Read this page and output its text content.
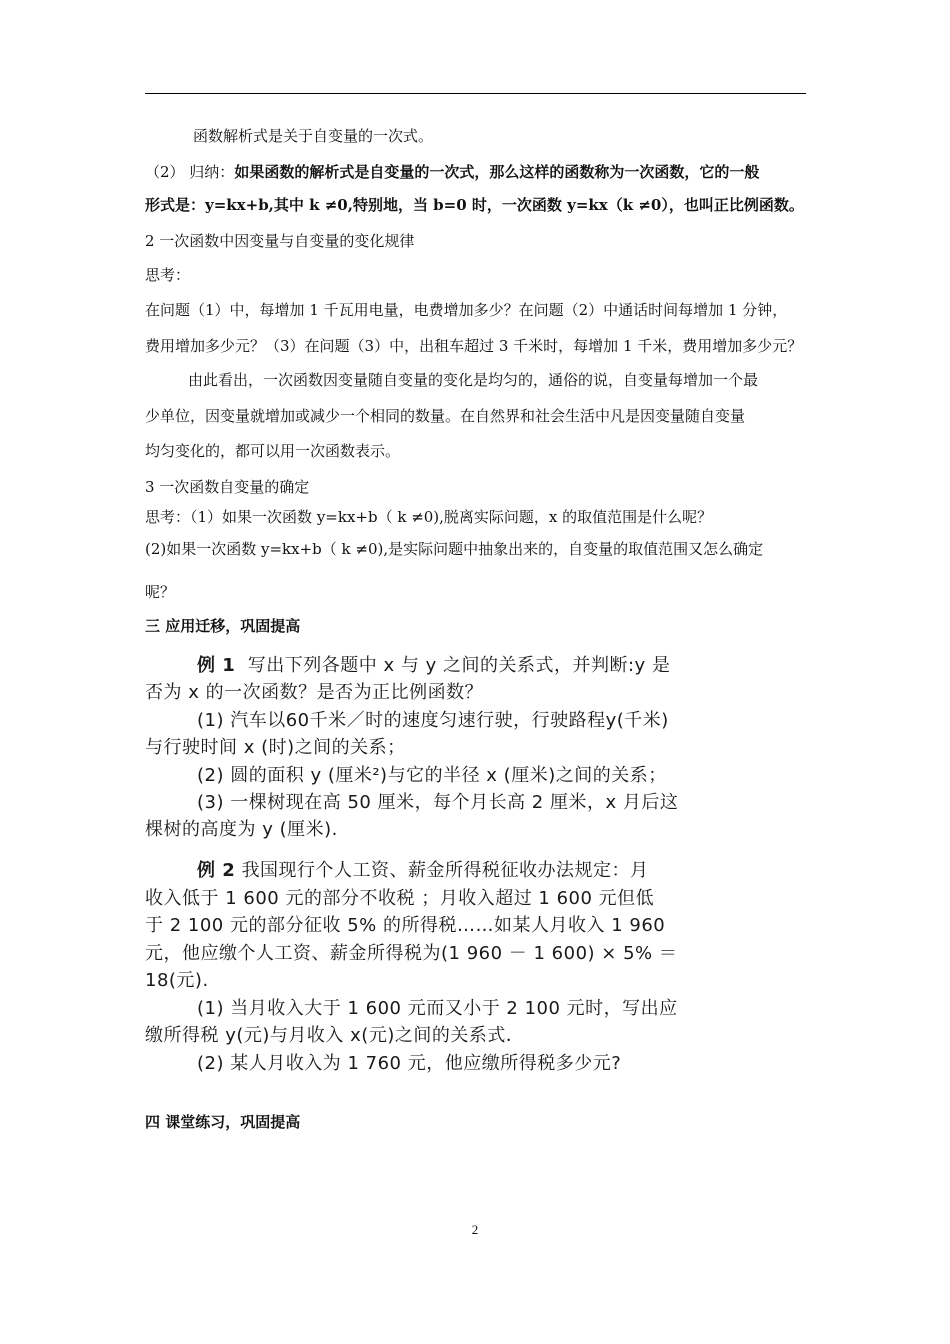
函数解析式是关于自变量的一次式。
（2） 归纳：如果函数的解析式是自变量的一次式，那么这样的函数称为一次函数，它的一般
形式是：y=kx+b,其中 k ≠0,特别地，当 b=0 时，一次函数 y=kx（k ≠0），也叫正比例函数。
2 一次函数中因变量与自变量的变化规律
思考：
在问题（1）中，每增加 1 千瓦用电量，电费增加多少？在问题（2）中通话时间每增加 1 分钟，
费用增加多少元？（3）在问题（3）中，出租车超过 3 千米时，每增加 1 千米，费用增加多少元？
由此看出，一次函数因变量随自变量的变化是均匀的，通俗的说，自变量每增加一个最
少单位，因变量就增加或减少一个相同的数量。在自然界和社会生活中凡是因变量随自变量
均匀变化的，都可以用一次函数表示。
3 一次函数自变量的确定
思考：（1）如果一次函数 y=kx+b（ k ≠0),脱离实际问题，x 的取值范围是什么呢？
(2)如果一次函数 y=kx+b（ k ≠0),是实际问题中抽象出来的，自变量的取值范围又怎么确定
呢？
三 应用迁移，巩固提高
例 1 写出下列各题中 x 与 y 之间的关系式，并判断:y 是
否为 x 的一次函数？是否为正比例函数？
(1) 汽车以60千米／时的速度匀速行驶，行驶路程y(千米)
与行驶时间 x (时)之间的关系；
(2) 圆的面积 y (厘米²)与它的半径 x (厘米)之间的关系；
(3) 一棵树现在高 50 厘米，每个月长高 2 厘米，x 月后这
棵树的高度为 y (厘米).
例 2 我国现行个人工资、薪金所得税征收办法规定：月
收入低于 1 600 元的部分不收税 ；月收入超过 1 600 元但低
于 2 100 元的部分征收 5% 的所得税……如某人月收入 1 960
元，他应缴个人工资、薪金所得税为(1 960 － 1 600) × 5% ＝
18(元).
(1) 当月收入大于 1 600 元而又小于 2 100 元时，写出应
缴所得税 y(元)与月收入 x(元)之间的关系式．
(2) 某人月收入为 1 760 元，他应缴所得税多少元?
四 课堂练习，巩固提高
2
